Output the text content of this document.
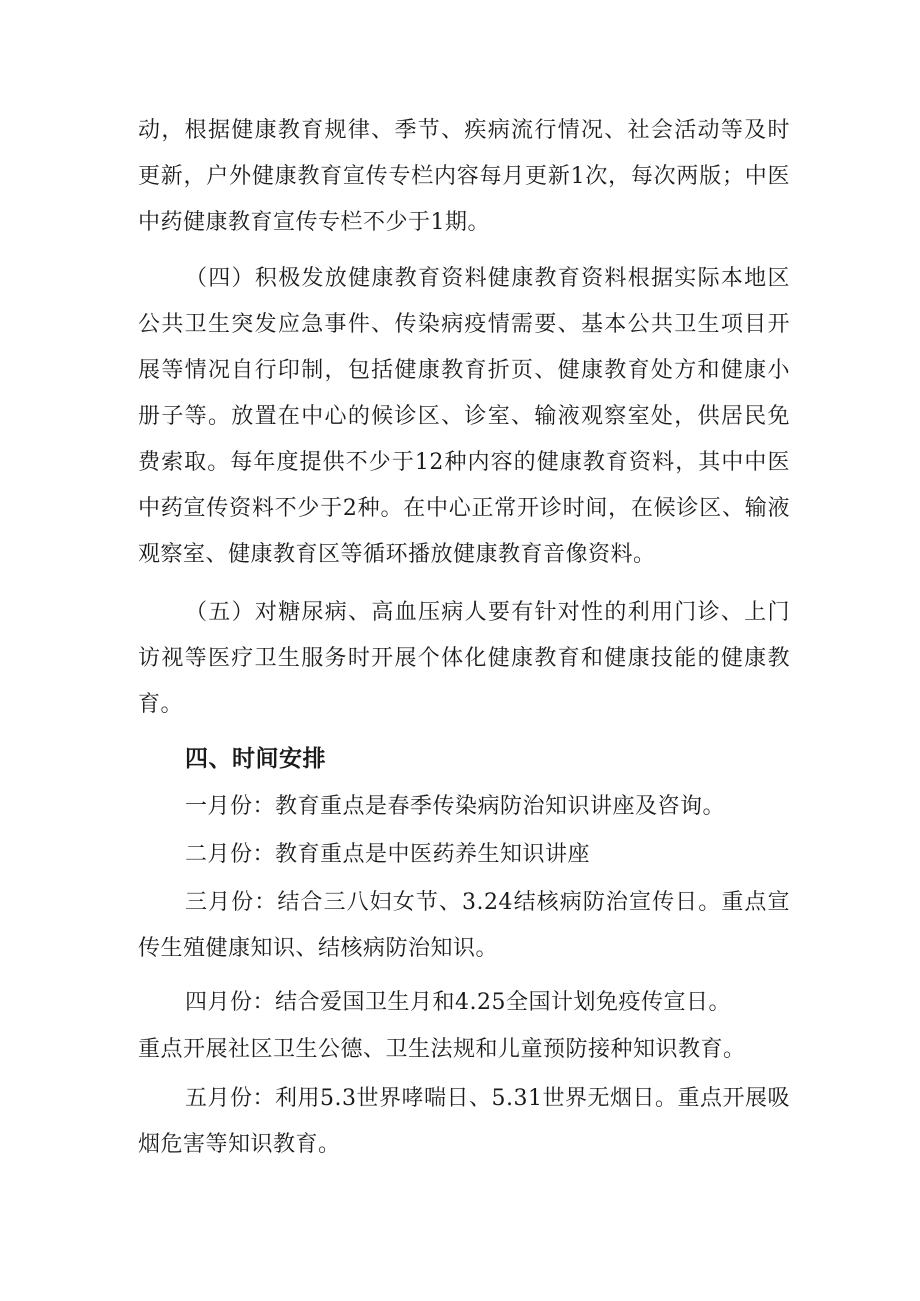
动，根据健康教育规律、季节、疾病流行情况、社会活动等及时更新，户外健康教育宣传专栏内容每月更新1次，每次两版；中医中药健康教育宣传专栏不少于1期。

（四）积极发放健康教育资料健康教育资料根据实际本地区公共卫生突发应急事件、传染病疫情需要、基本公共卫生项目开展等情况自行印制，包括健康教育折页、健康教育处方和健康小册子等。放置在中心的候诊区、诊室、输液观察室处，供居民免费索取。每年度提供不少于12种内容的健康教育资料，其中中医中药宣传资料不少于2种。在中心正常开诊时间，在候诊区、输液观察室、健康教育区等循环播放健康教育音像资料。

（五）对糖尿病、高血压病人要有针对性的利用门诊、上门访视等医疗卫生服务时开展个体化健康教育和健康技能的健康教育。

四、时间安排

一月份：教育重点是春季传染病防治知识讲座及咨询。

二月份：教育重点是中医药养生知识讲座

三月份：结合三八妇女节、3.24结核病防治宣传日。重点宣传生殖健康知识、结核病防治知识。

四月份：结合爱国卫生月和4.25全国计划免疫传宣日。

重点开展社区卫生公德、卫生法规和儿童预防接种知识教育。

五月份：利用5.3世界哮喘日、5.31世界无烟日。重点开展吸烟危害等知识教育。
